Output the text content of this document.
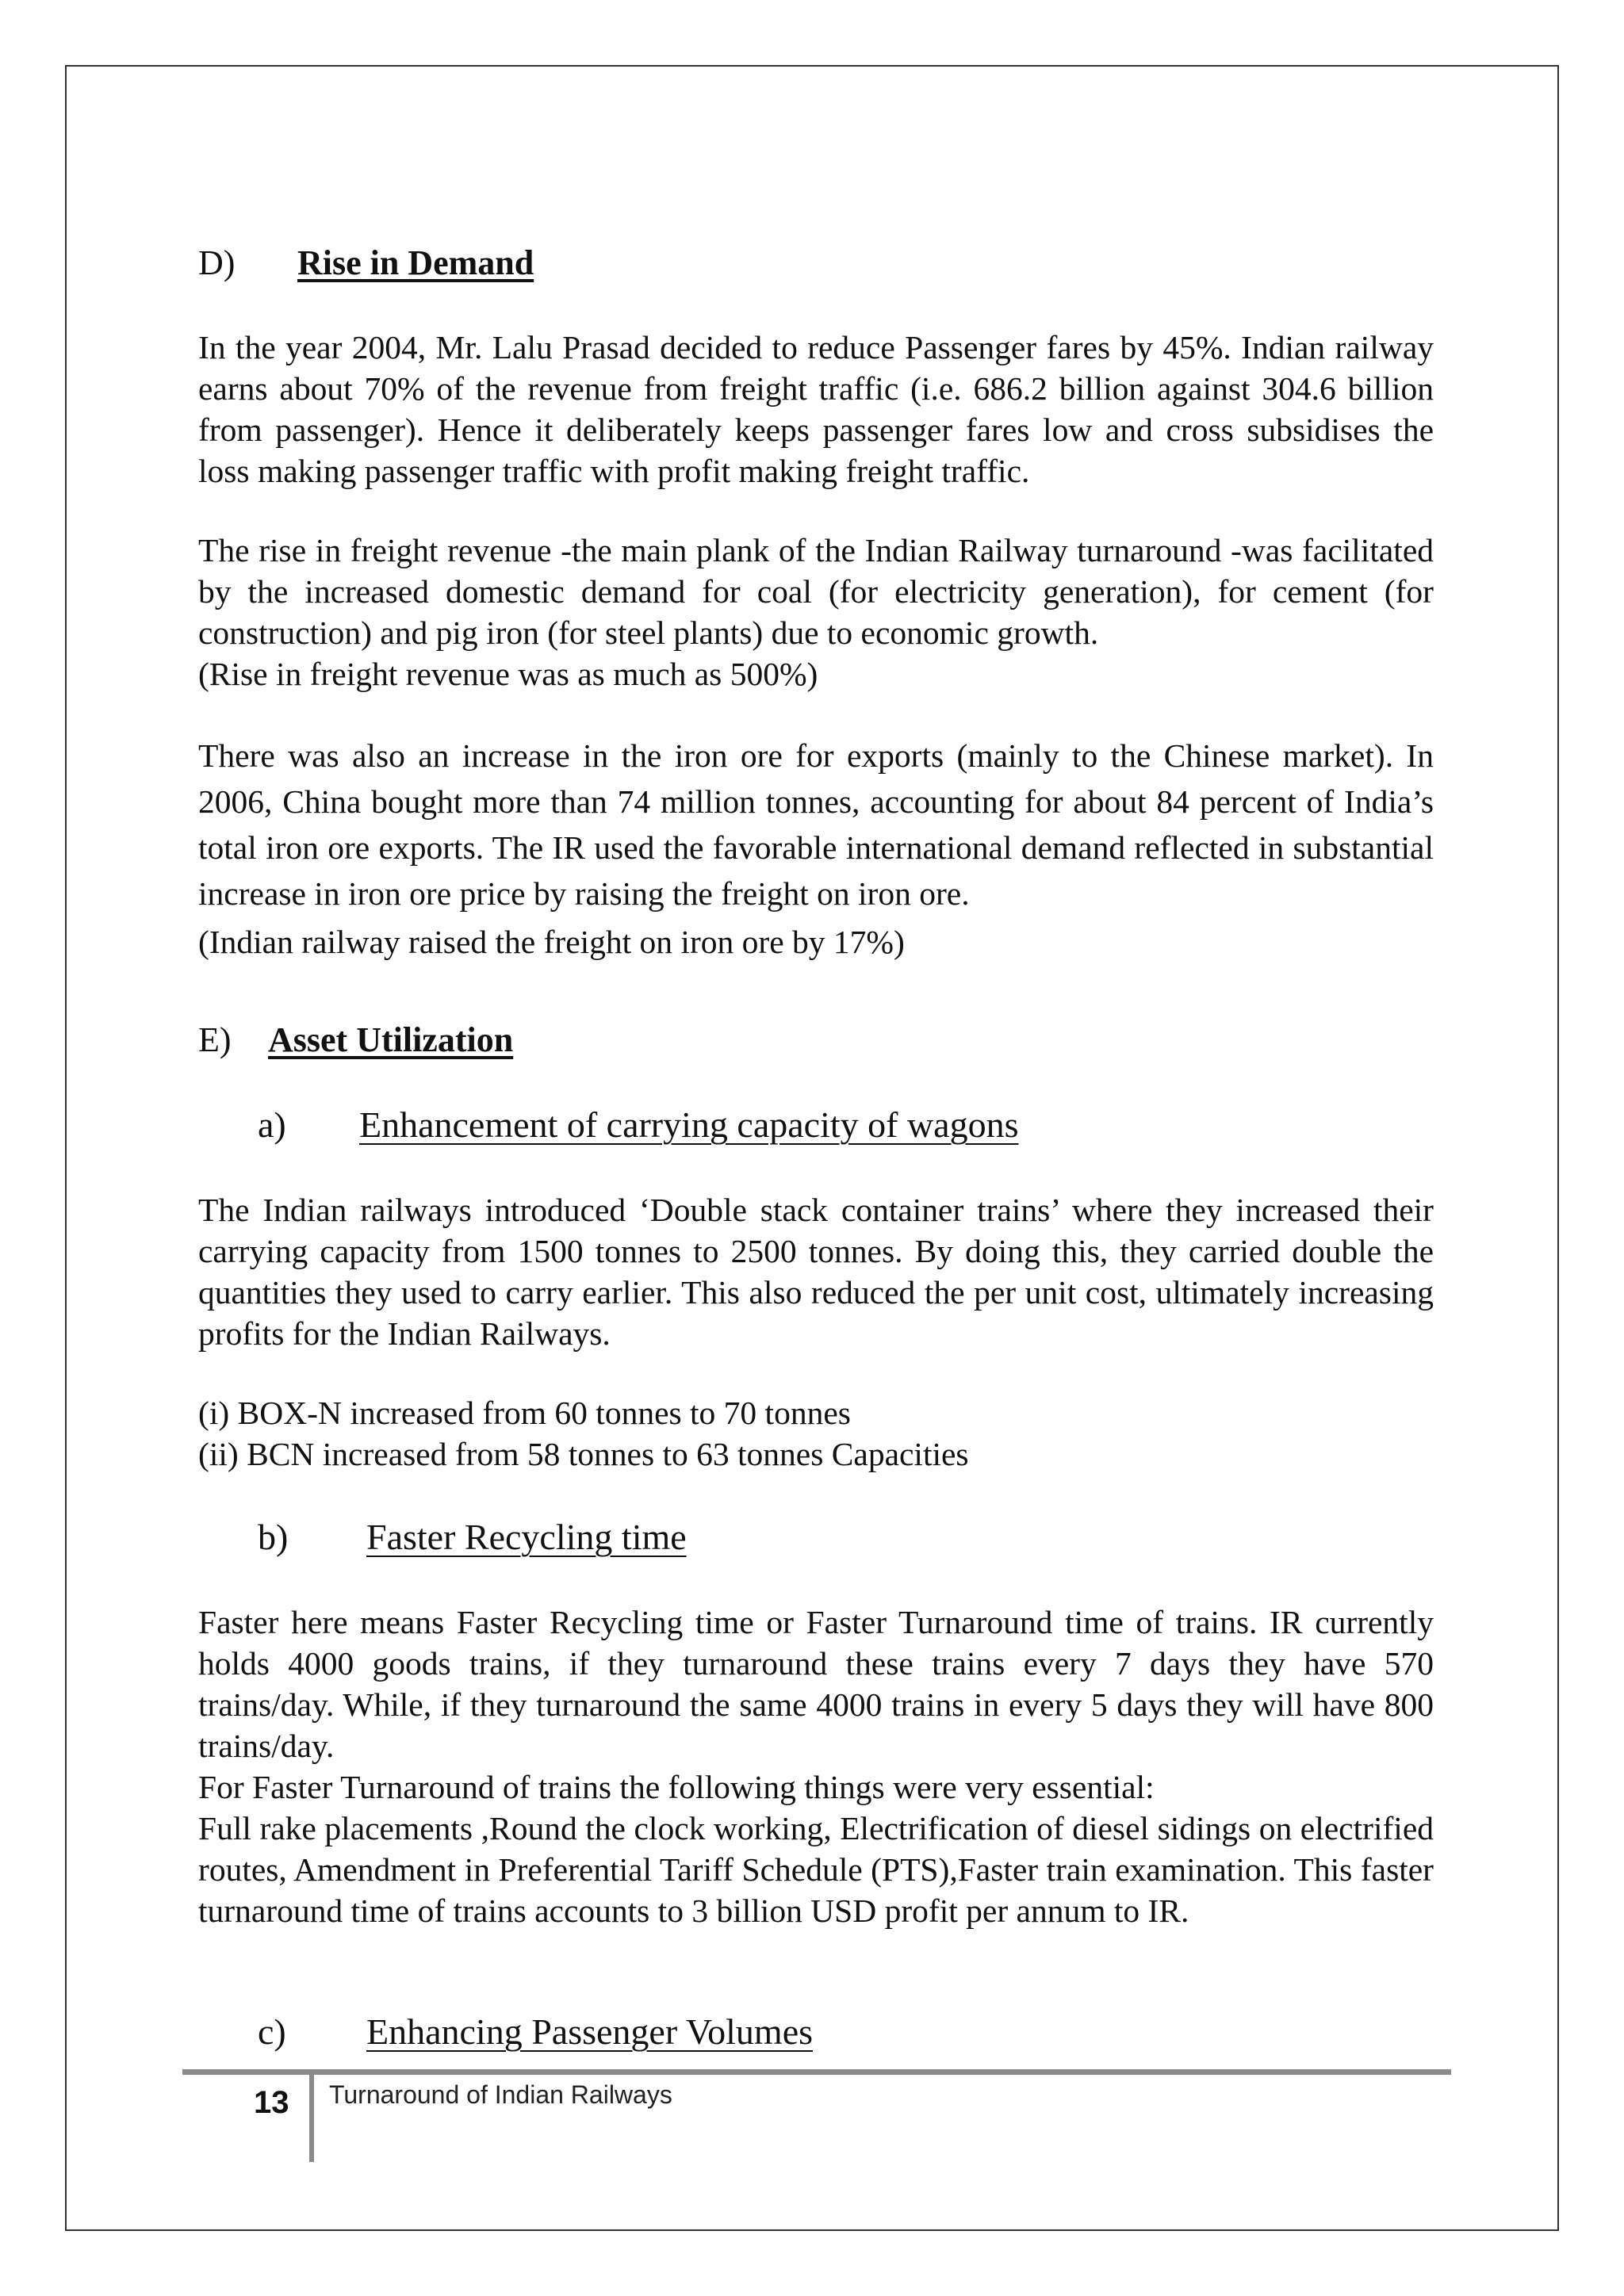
D) Rise in Demand

In the year 2004, Mr. Lalu Prasad decided to reduce Passenger fares by 45%. Indian railway earns about 70% of the revenue from freight traffic (i.e. 686.2 billion against 304.6 billion from passenger). Hence it deliberately keeps passenger fares low and cross subsidises the loss making passenger traffic with profit making freight traffic.

The rise in freight revenue -the main plank of the Indian Railway turnaround -was facilitated by the increased domestic demand for coal (for electricity generation), for cement (for construction) and pig iron (for steel plants) due to economic growth.

(Rise in freight revenue was as much as 500%)

There was also an increase in the iron ore for exports (mainly to the Chinese market). In 2006, China bought more than 74 million tonnes, accounting for about 84 percent of India’s total iron ore exports. The IR used the favorable international demand reflected in substantial increase in iron ore price by raising the freight on iron ore.

(Indian railway raised the freight on iron ore by 17%)

E) Asset Utilization
a) Enhancement of carrying capacity of wagons

The Indian railways introduced ‘Double stack container trains’ where they increased their carrying capacity from 1500 tonnes to 2500 tonnes. By doing this, they carried double the quantities they used to carry earlier. This also reduced the per unit cost, ultimately increasing profits for the Indian Railways.

(i) BOX-N increased from 60 tonnes to 70 tonnes

(ii) BCN increased from 58 tonnes to 63 tonnes Capacities

b) Faster Recycling time

Faster here means Faster Recycling time or Faster Turnaround time of trains. IR currently holds 4000 goods trains, if they turnaround these trains every 7 days they have 570 trains/day. While, if they turnaround the same 4000 trains in every 5 days they will have 800 trains/day.

For Faster Turnaround of trains the following things were very essential:

Full rake placements ,Round the clock working, Electrification of diesel sidings on electrified routes, Amendment in Preferential Tariff Schedule (PTS),Faster train examination. This faster turnaround time of trains accounts to 3 billion USD profit per annum to IR.

c) Enhancing Passenger Volumes
13 Turnaround of Indian Railways
